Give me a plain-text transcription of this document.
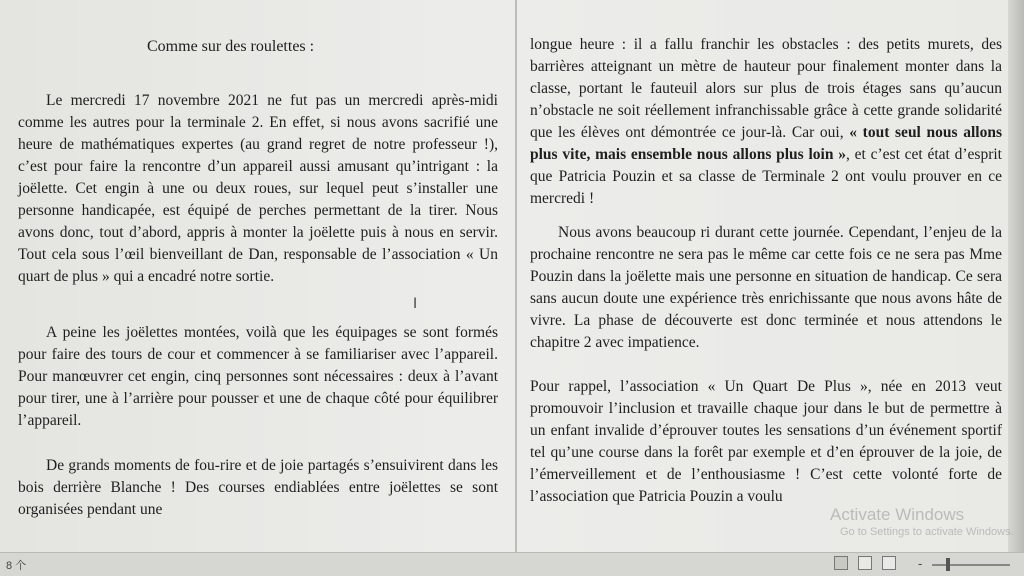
Comme sur des roulettes :

Le mercredi 17 novembre 2021 ne fut pas un mercredi après-midi comme les autres pour la terminale 2. En effet, si nous avons sacrifié une heure de mathématiques expertes (au grand regret de notre professeur !), c’est pour faire la rencontre d’un appareil aussi amusant qu’intrigant : la joëlette. Cet engin à une ou deux roues, sur lequel peut s’installer une personne handicapée, est équipé de perches permettant de la tirer. Nous avons donc, tout d’abord, appris à monter la joëlette puis à nous en servir. Tout cela sous l’œil bienveillant de Dan, responsable de l’association « Un quart de plus » qui a encadré notre sortie.

A peine les joëlettes montées, voilà que les équipages se sont formés pour faire des tours de cour et commencer à se familiariser avec l’appareil. Pour manœuvrer cet engin, cinq personnes sont nécessaires : deux à l’avant pour tirer, une à l’arrière pour pousser et une de chaque côté pour équilibrer l’appareil.

De grands moments de fou-rire et de joie partagés s’ensuivirent dans les bois derrière Blanche ! Des courses endiablées entre joëlettes se sont organisées pendant une

longue heure : il a fallu franchir les obstacles : des petits murets, des barrières atteignant un mètre de hauteur pour finalement monter dans la classe, portant le fauteuil alors sur plus de trois étages sans qu’aucun n’obstacle ne soit réellement infranchissable grâce à cette grande solidarité que les élèves ont démontrée ce jour-là. Car oui, « tout seul nous allons plus vite, mais ensemble nous allons plus loin », et c’est cet état d’esprit que Patricia Pouzin et sa classe de Terminale 2 ont voulu prouver en ce mercredi !

Nous avons beaucoup ri durant cette journée. Cependant, l’enjeu de la prochaine rencontre ne sera pas le même car cette fois ce ne sera pas Mme Pouzin dans la joëlette mais une personne en situation de handicap. Ce sera sans aucun doute une expérience très enrichissante que nous avons hâte de vivre. La phase de découverte est donc terminée et nous attendons le chapitre 2 avec impatience.

Pour rappel, l’association « Un Quart De Plus », née en 2013 veut promouvoir l’inclusion et travaille chaque jour dans le but de permettre à un enfant invalide d’éprouver toutes les sensations d’un événement sportif tel qu’une course dans la forêt par exemple et d’en éprouver de la joie, de l’émerveillement et de l’enthousiasme ! C’est cette volonté forte de l’association que Patricia Pouzin a voulu

I
Activate Windows
Go to Settings to activate Windows.
8 个	-
